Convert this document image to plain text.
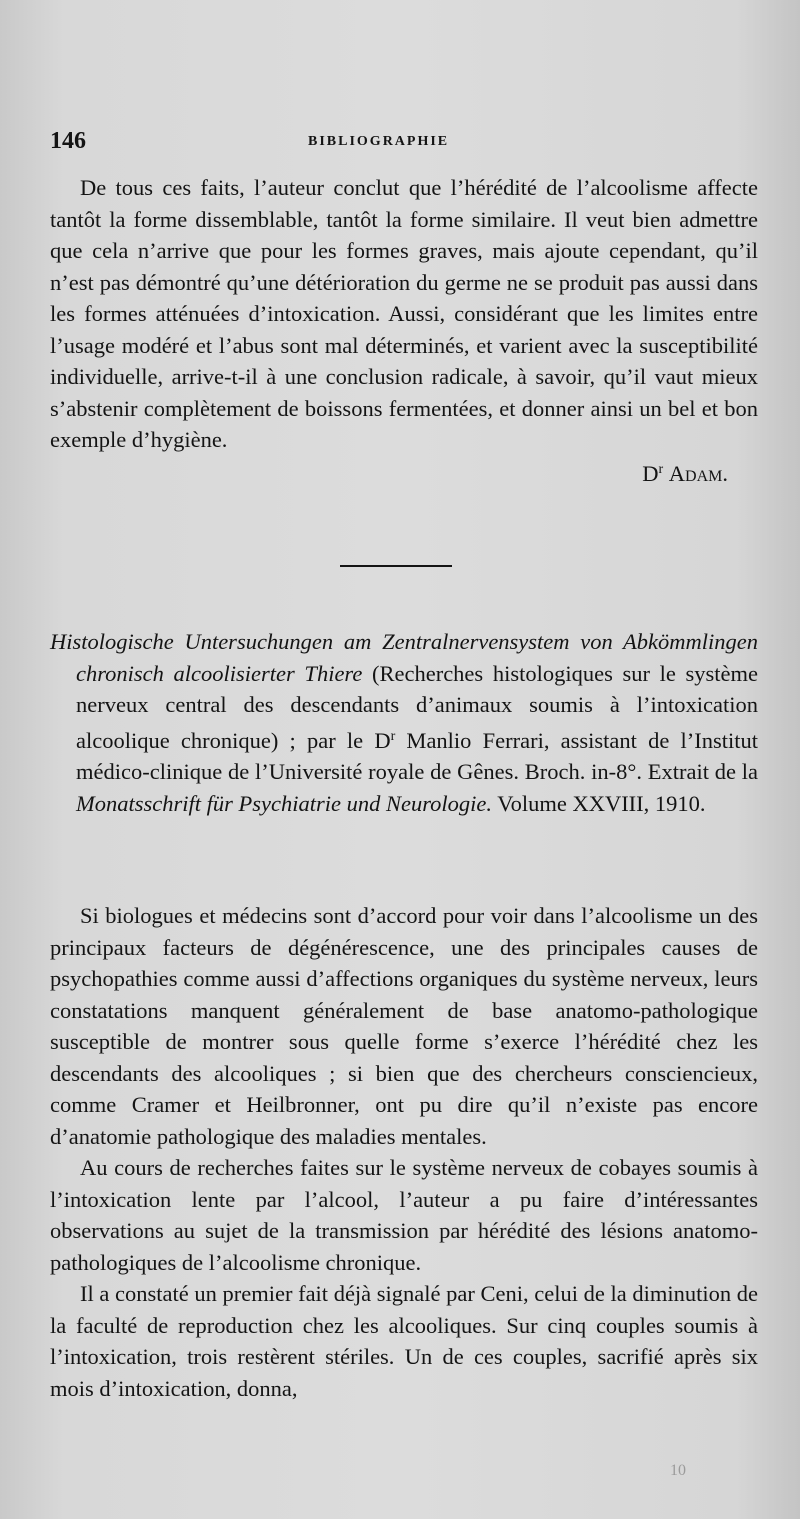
146	BIBLIOGRAPHIE

De tous ces faits, l’auteur conclut que l’hérédité de l’alcoolisme affecte tantôt la forme dissemblable, tantôt la forme similaire. Il veut bien admettre que cela n’arrive que pour les formes graves, mais ajoute cependant, qu’il n’est pas démontré qu’une détérioration du germe ne se produit pas aussi dans les formes atténuées d’intoxication. Aussi, considérant que les limites entre l’usage modéré et l’abus sont mal déterminés, et varient avec la susceptibilité individuelle, arrive-t-il à une conclusion radicale, à savoir, qu’il vaut mieux s’abstenir complètement de boissons fermentées, et donner ainsi un bel et bon exemple d’hygiène.

$D^r$ Adam.

Histologische Untersuchungen am Zentralnervensystem von Abkömmlingen chronisch alcoolisierter Thiere (Recherches histologiques sur le système nerveux central des descendants d’animaux soumis à l’intoxication alcoolique chronique) ; par le $D^r$ Manlio Ferrari, assistant de l’Institut médico-clinique de l’Université royale de Gênes. Broch. in-8°. Extrait de la Monatsschrift für Psychiatrie und Neurologie. Volume XXVIII, 1910.

Si biologues et médecins sont d’accord pour voir dans l’alcoolisme un des principaux facteurs de dégénérescence, une des principales causes de psychopathies comme aussi d’affections organiques du système nerveux, leurs constatations manquent généralement de base anatomo-pathologique susceptible de montrer sous quelle forme s’exerce l’hérédité chez les descendants des alcooliques ; si bien que des chercheurs consciencieux, comme Cramer et Heilbronner, ont pu dire qu’il n’existe pas encore d’anatomie pathologique des maladies mentales.

Au cours de recherches faites sur le système nerveux de cobayes soumis à l’intoxication lente par l’alcool, l’auteur a pu faire d’intéressantes observations au sujet de la transmission par hérédité des lésions anatomo-pathologiques de l’alcoolisme chronique.

Il a constaté un premier fait déjà signalé par Ceni, celui de la diminution de la faculté de reproduction chez les alcooliques. Sur cinq couples soumis à l’intoxication, trois restèrent stériles. Un de ces couples, sacrifié après six mois d’intoxication, donna,

10
